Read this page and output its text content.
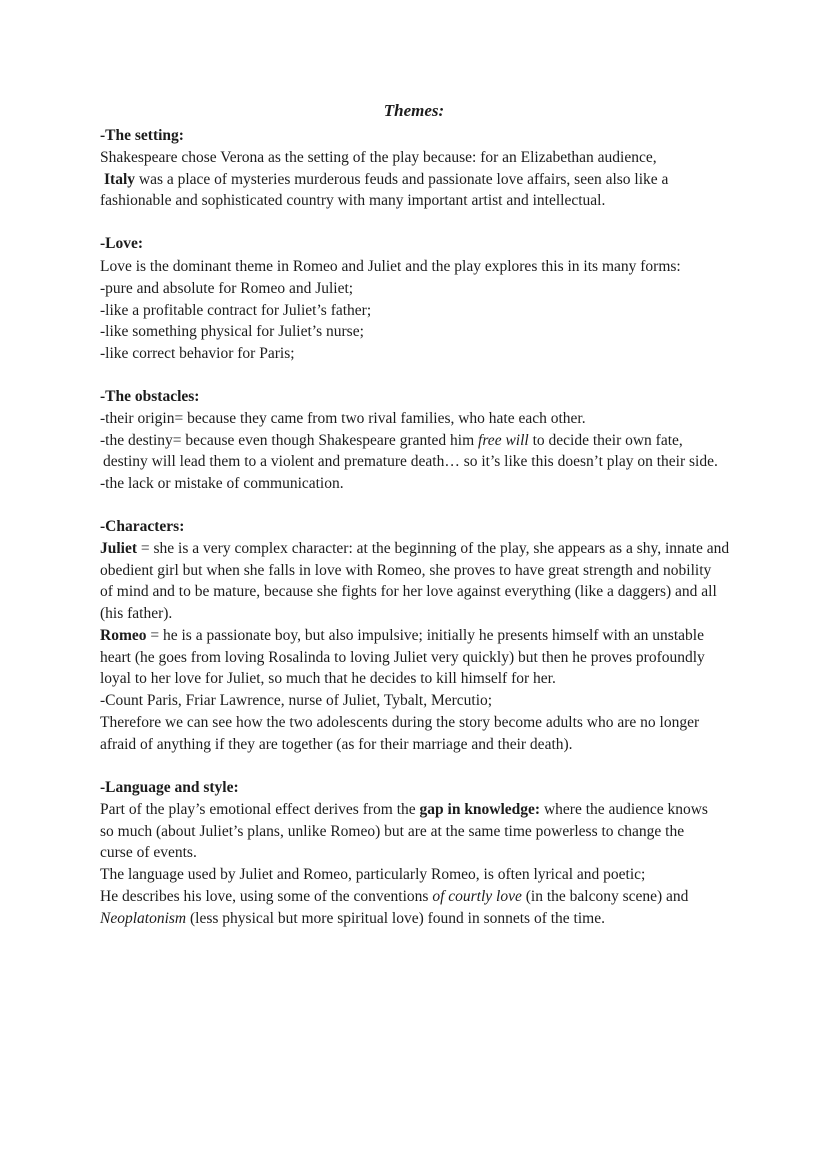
Themes:
-The setting:
Shakespeare chose Verona as the setting of the play because: for an Elizabethan audience,
Italy was a place of mysteries murderous feuds and passionate love affairs, seen also like a
fashionable and sophisticated country with many important artist and intellectual.
-Love:
Love is the dominant theme in Romeo and Juliet and the play explores this in its many forms:
-pure and absolute for Romeo and Juliet;
-like a profitable contract for Juliet’s father;
-like something physical for Juliet’s nurse;
-like correct behavior for Paris;
-The obstacles:
-their origin= because they came from two rival families, who hate each other.
-the destiny= because even though Shakespeare granted him free will to decide their own fate,
destiny will lead them to a violent and premature death… so it’s like this doesn’t play on their side.
-the lack or mistake of communication.
-Characters:
Juliet = she is a very complex character: at the beginning of the play, she appears as a shy, innate and
obedient girl but when she falls in love with Romeo, she proves to have great strength and nobility
of mind and to be mature, because she fights for her love against everything (like a daggers) and all
(his father).
Romeo = he is a passionate boy, but also impulsive; initially he presents himself with an unstable
heart (he goes from loving Rosalinda to loving Juliet very quickly) but then he proves profoundly
loyal to her love for Juliet, so much that he decides to kill himself for her.
-Count Paris, Friar Lawrence, nurse of Juliet, Tybalt, Mercutio;
Therefore we can see how the two adolescents during the story become adults who are no longer
afraid of anything if they are together (as for their marriage and their death).
-Language and style:
Part of the play’s emotional effect derives from the gap in knowledge: where the audience knows
so much (about Juliet’s plans, unlike Romeo) but are at the same time powerless to change the
curse of events.
The language used by Juliet and Romeo, particularly Romeo, is often lyrical and poetic;
He describes his love, using some of the conventions of courtly love (in the balcony scene) and
Neoplatonism (less physical but more spiritual love) found in sonnets of the time.
